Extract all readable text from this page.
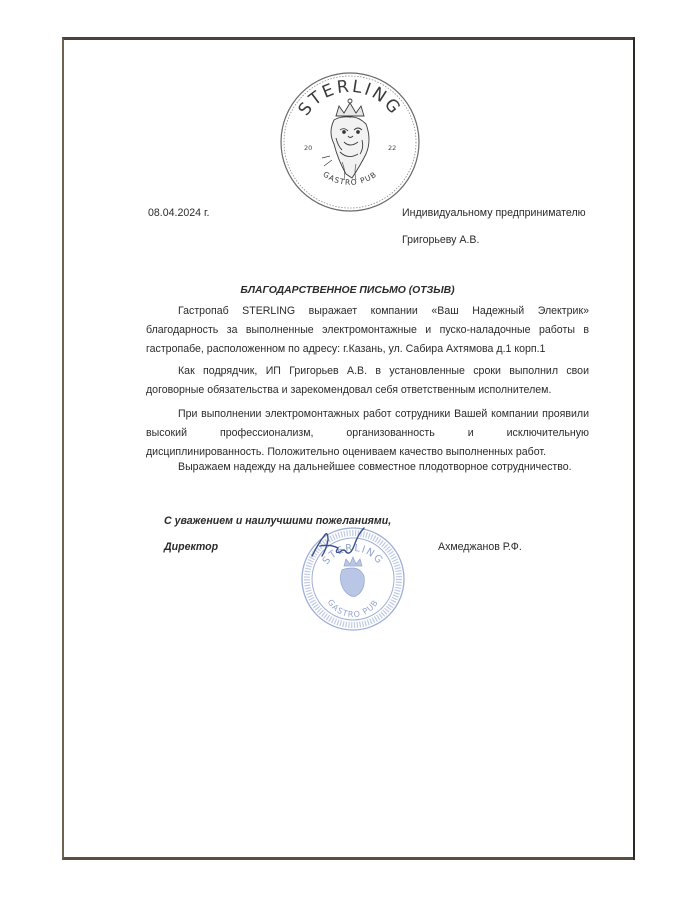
STERLING
GASTRO PUB
20	22
08.04.2024 г.	Индивидуальному предпринимателю
Григорьеву А.В.
БЛАГОДАРСТВЕННОЕ ПИСЬМО (ОТЗЫВ)
Гастропаб STERLING выражает компании «Ваш Надежный Электрик» благодарность за выполненные электромонтажные и пуско-наладочные работы в гастропабе, расположенном по адресу: г.Казань, ул. Сабира Ахтямова д.1 корп.1
Как подрядчик, ИП Григорьев А.В. в установленные сроки выполнил свои договорные обязательства и зарекомендовал себя ответственным исполнителем.
При выполнении электромонтажных работ сотрудники Вашей компании проявили высокий профессионализм, организованность и исключительную дисциплинированность. Положительно оцениваем качество выполненных работ.
Выражаем надежду на дальнейшее совместное плодотворное сотрудничество.
С уважением и наилучшими пожеланиями,
Директор	Ахмеджанов Р.Ф.
STERLING
GASTRO PUB
